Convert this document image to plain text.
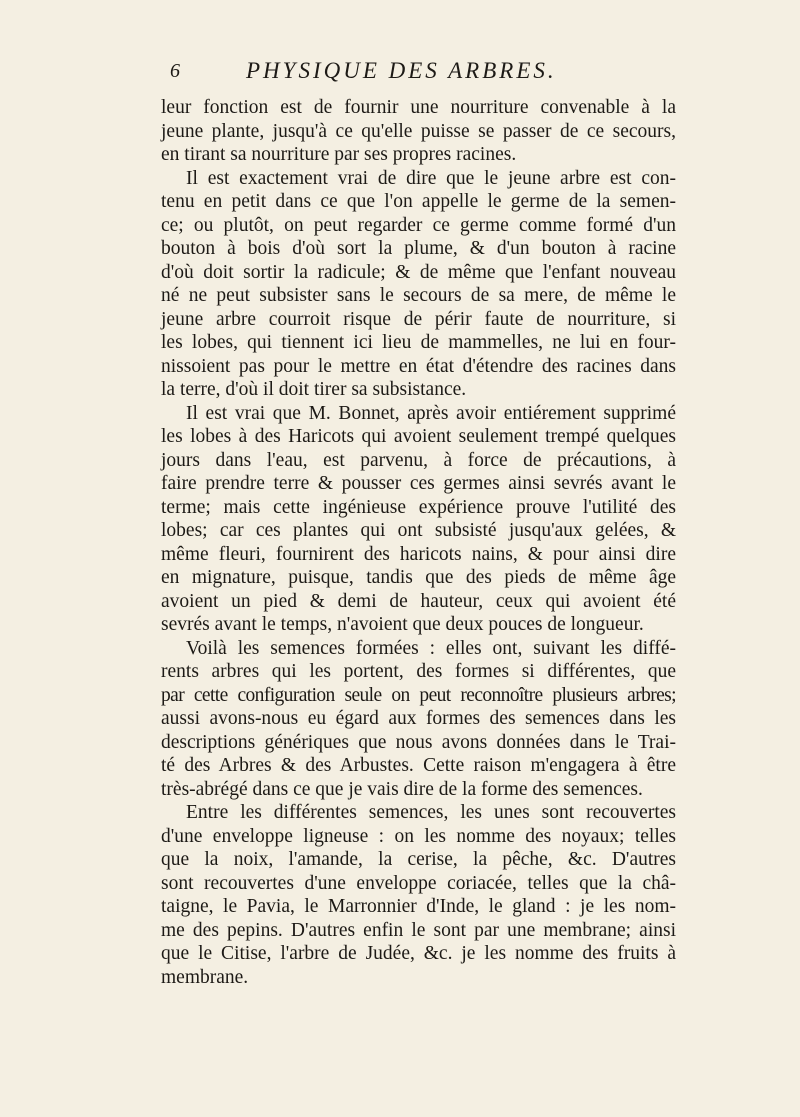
6	PHYSIQUE DES ARBRES.
leur fonction est de fournir une nourriture convenable à la
jeune plante, jusqu'à ce qu'elle puisse se passer de ce secours,
en tirant sa nourriture par ses propres racines.
Il est exactement vrai de dire que le jeune arbre est con-
tenu en petit dans ce que l'on appelle le germe de la semen-
ce; ou plutôt, on peut regarder ce germe comme formé d'un
bouton à bois d'où sort la plume, & d'un bouton à racine
d'où doit sortir la radicule; & de même que l'enfant nouveau
né ne peut subsister sans le secours de sa mere, de même le
jeune arbre courroit risque de périr faute de nourriture, si
les lobes, qui tiennent ici lieu de mammelles, ne lui en four-
nissoient pas pour le mettre en état d'étendre des racines dans
la terre, d'où il doit tirer sa subsistance.
Il est vrai que M. Bonnet, après avoir entiérement supprimé
les lobes à des Haricots qui avoient seulement trempé quelques
jours dans l'eau, est parvenu, à force de précautions, à
faire prendre terre & pousser ces germes ainsi sevrés avant le
terme; mais cette ingénieuse expérience prouve l'utilité des
lobes; car ces plantes qui ont subsisté jusqu'aux gelées, &
même fleuri, fournirent des haricots nains, & pour ainsi dire
en mignature, puisque, tandis que des pieds de même âge
avoient un pied & demi de hauteur, ceux qui avoient été
sevrés avant le temps, n'avoient que deux pouces de longueur.
Voilà les semences formées : elles ont, suivant les diffé-
rents arbres qui les portent, des formes si différentes, que
par cette configuration seule on peut reconnoître plusieurs arbres;
aussi avons-nous eu égard aux formes des semences dans les
descriptions génériques que nous avons données dans le Trai-
té des Arbres & des Arbustes. Cette raison m'engagera à être
très-abrégé dans ce que je vais dire de la forme des semences.
Entre les différentes semences, les unes sont recouvertes
d'une enveloppe ligneuse : on les nomme des noyaux; telles
que la noix, l'amande, la cerise, la pêche, &c. D'autres
sont recouvertes d'une enveloppe coriacée, telles que la châ-
taigne, le Pavia, le Marronnier d'Inde, le gland : je les nom-
me des pepins. D'autres enfin le sont par une membrane; ainsi
que le Citise, l'arbre de Judée, &c. je les nomme des fruits à
membrane.
